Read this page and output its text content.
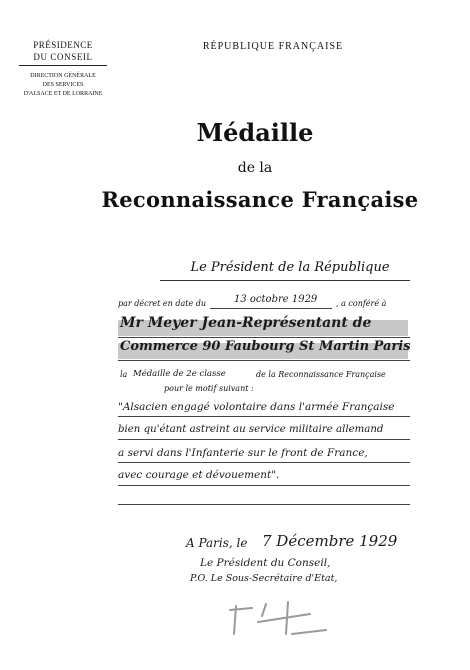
PRÉSIDENCE
DU CONSEIL
DIRECTION GÉNÉRALE
DES SERVICES
D'ALSACE ET DE LORRAINE
RÉPUBLIQUE FRANÇAISE
Médaille
de la
Reconnaissance Française
Le Président de la République
par décret en date du	13 octobre 1929 , a conféré à
Mr Meyer Jean-Représentant de
Commerce 90 Faubourg St Martin Paris
la Médaille de 2e classe	de la Reconnaissance Française
pour le motif suivant :
"Alsacien engagé volontaire dans l'armée Française
bien qu'étant astreint au service militaire allemand
a servi dans l'Infanterie sur le front de France,
avec courage et dévouement".
A Paris, le 7 Décembre 1929
Le Président du Conseil,
P.O. Le Sous-Secrétaire d'Etat,
